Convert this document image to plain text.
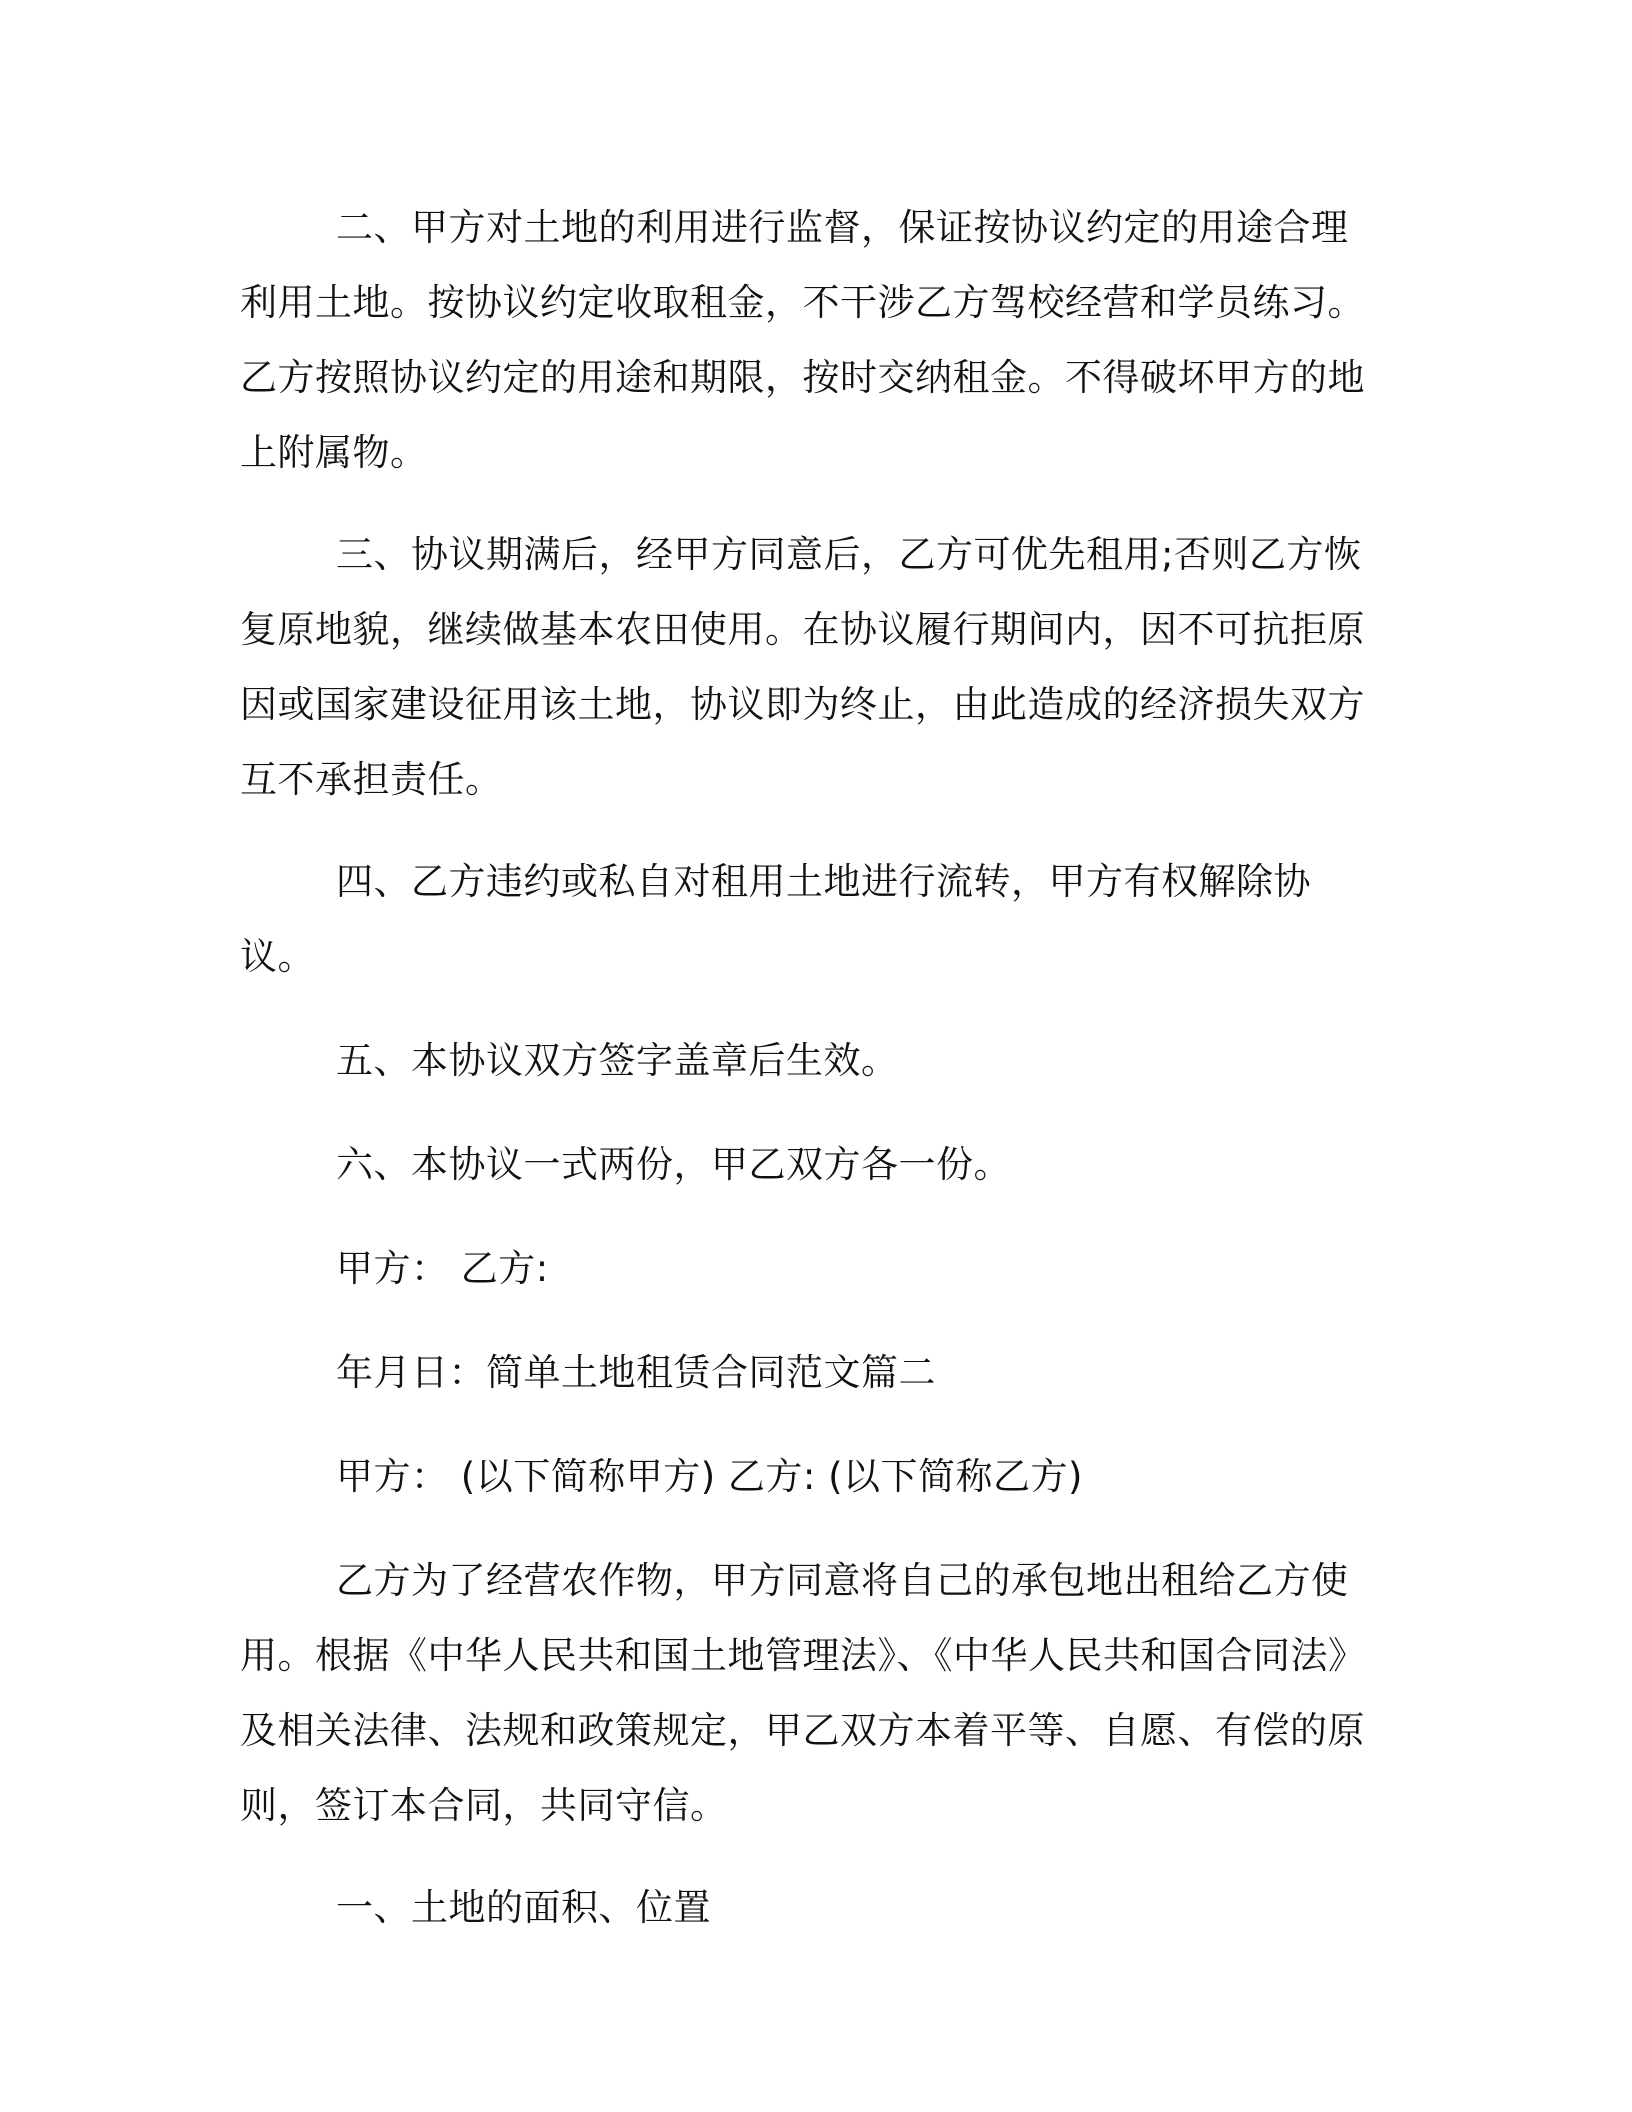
二、甲方对土地的利用进行监督，保证按协议约定的用途合理利用土地。按协议约定收取租金，不干涉乙方驾校经营和学员练习。 乙方按照协议约定的用途和期限，按时交纳租金。不得破坏甲方的地上附属物。

三、协议期满后，经甲方同意后，乙方可优先租用;否则乙方恢复原地貌，继续做基本农田使用。在协议履行期间内，因不可抗拒原因或国家建设征用该土地，协议即为终止，由此造成的经济损失双方互不承担责任。

四、乙方违约或私自对租用土地进行流转，甲方有权解除协议。

五、本协议双方签字盖章后生效。

六、本协议一式两份，甲乙双方各一份。

甲方： 乙方:

年月日：简单土地租赁合同范文篇二

甲方： (以下简称甲方) 乙方: (以下简称乙方)

乙方为了经营农作物，甲方同意将自己的承包地出租给乙方使用。根据《中华人民共和国土地管理法》、《中华人民共和国合同法》及相关法律、法规和政策规定，甲乙双方本着平等、自愿、有偿的原则，签订本合同，共同守信。

一、土地的面积、位置
